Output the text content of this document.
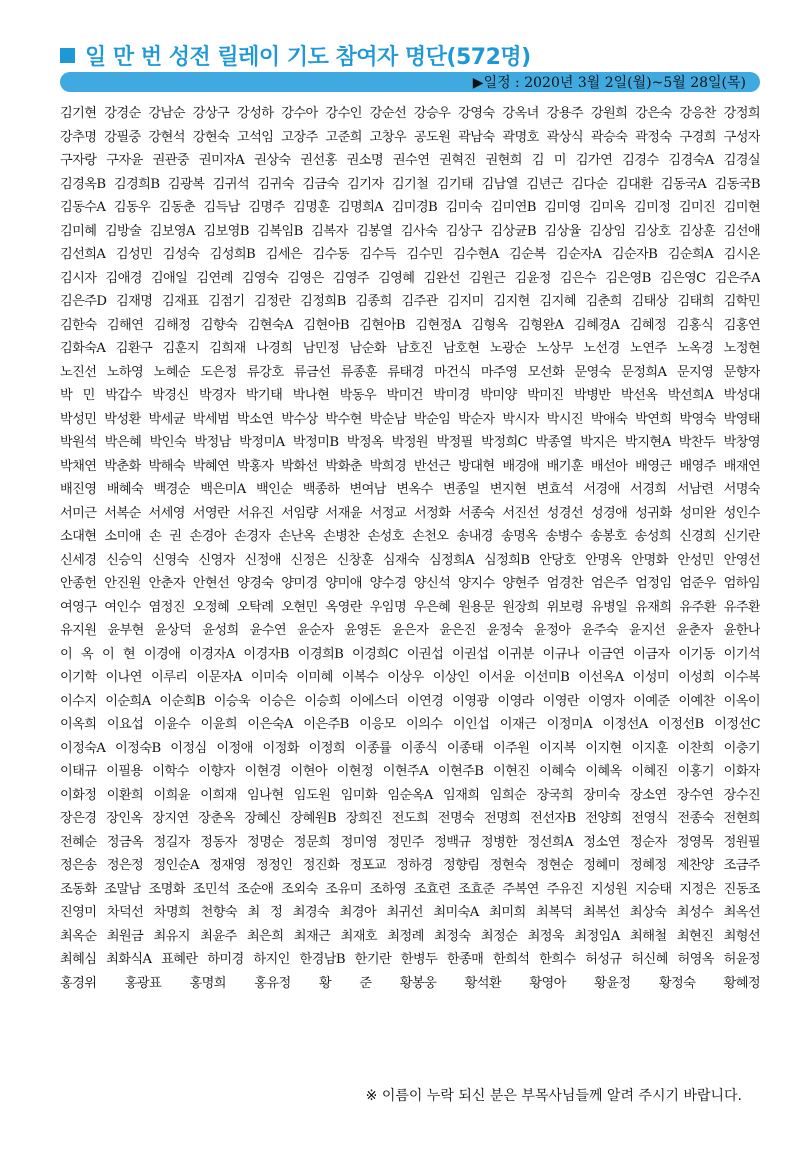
일 만 번 성전 릴레이 기도 참여자 명단(572명)
▶일정 : 2020년 3월 2일(월)~5월 28일(목)
김기현 강경순 강남순 강상구 강성하 강수아 강수인 강순선 강승우 강영숙 강옥녀 강용주 강원희 강은숙 강응찬 강정희
강추명 강필중 강현석 강현숙 고석임 고장주 고준희 고창우 공도원 곽남숙 곽명호 곽상식 곽승숙 곽정숙 구경희 구성자
구자랑 구자윤 권관중 권미자A 권상숙 권선홍 권소명 권수연 권혁진 권현희 김 미 김가연 김경수 김경숙A 김경실
김경옥B 김경희B 김광복 김귀석 김귀숙 김금숙 김기자 김기철 김기태 김남열 김년근 김다순 김대환 김동국A 김동국B
김동수A 김동우 김동춘 김득남 김명주 김명훈 김명희A 김미경B 김미숙 김미연B 김미영 김미옥 김미정 김미진 김미현
김미혜 김방술 김보영A 김보영B 김복임B 김복자 김봉열 김사숙 김상구 김상균B 김상율 김상임 김상호 김상훈 김선애
김선희A 김성민 김성숙 김성희B 김세은 김수동 김수득 김수민 김수현A 김순복 김순자A 김순자B 김순희A 김시온
김시자 김애경 김애일 김연례 김영숙 김영은 김영주 김영혜 김완선 김원근 김윤정 김은수 김은영B 김은영C 김은주A
김은주D 김재명 김재표 김점기 김정란 김정희B 김종희 김주관 김지미 김지현 김지혜 김춘희 김태상 김태희 김학민
김한숙 김해연 김해정 김향숙 김현숙A 김현아B 김현아B 김현정A 김형옥 김형완A 김혜경A 김혜정 김홍식 김홍연
김화숙A 김환구 김훈지 김희재 나경희 남민정 남순화 남호진 남호현 노광순 노상무 노선경 노연주 노옥경 노정현
노진선 노하영 노혜순 도은정 류강호 류금선 류종훈 류태경 마건식 마주영 모선화 문영숙 문정희A 문지영 문향자
박 민 박갑수 박경신 박경자 박기태 박나현 박동우 박미건 박미경 박미양 박미진 박병반 박선옥 박선희A 박성대
박성민 박성환 박세균 박세범 박소연 박수상 박수현 박순남 박순임 박순자 박시자 박시진 박애숙 박연희 박영숙 박영태
박원석 박은혜 박인숙 박정남 박정미A 박정미B 박정옥 박정원 박정필 박정희C 박종열 박지은 박지현A 박찬두 박창영
박채연 박춘화 박해숙 박혜연 박홍자 박화선 박화춘 박희경 반선근 방대현 배경애 배기훈 배선아 배영근 배영주 배재연
배진영 배혜숙 백경순 백은미A 백인순 백종하 변여남 변옥수 변종일 변지현 변효석 서경애 서경희 서남련 서명숙
서미근 서복순 서세영 서영란 서유진 서임량 서재윤 서정교 서정화 서종숙 서진선 성경선 성경애 성귀화 성미완 성인수
소대현 소미애 손 권 손경아 손경자 손난옥 손병찬 손성호 손천오 송내경 송명옥 송병수 송봉호 송성희 신경희 신기란
신세경 신승익 신영숙 신영자 신정애 신정은 신창훈 심재숙 심정희A 심정희B 안당호 안명옥 안명화 안성민 안영선
안종헌 안진원 안춘자 안현선 양경숙 양미경 양미애 양수경 양신석 양지수 양현주 엄경찬 엄은주 엄정임 엄준우 엄하임
여영구 여인수 염정진 오정혜 오탁례 오현민 옥영란 우임명 우은혜 원용문 원장희 위보령 유병일 유재희 유주환 유주환
유지원 윤부현 윤상덕 윤성희 윤수연 윤순자 윤영돈 윤은자 윤은진 윤정숙 윤정아 윤주숙 윤지선 윤춘자 윤한나
이 옥 이 현 이경애 이경자A 이경자B 이경희B 이경희C 이권섭 이권섭 이귀분 이규나 이금연 이금자 이기동 이기석
이기학 이나연 이루리 이문자A 이미숙 이미혜 이복수 이상우 이상인 이서윤 이선미B 이선옥A 이성미 이성희 이수복
이수지 이순희A 이순희B 이승욱 이승은 이승희 이에스더 이연경 이영광 이영라 이영란 이영자 이예준 이예찬 이옥이
이옥희 이요섭 이윤수 이윤희 이은숙A 이은주B 이응모 이의수 이인섭 이재근 이정미A 이정선A 이정선B 이정선C
이정숙A 이정숙B 이정심 이정애 이정화 이정희 이종률 이종식 이종태 이주원 이지복 이지현 이지훈 이찬희 이충기
이태규 이필용 이학수 이향자 이현경 이현아 이현정 이현주A 이현주B 이현진 이혜숙 이혜옥 이혜진 이홍기 이화자
이화정 이환희 이희윤 이희재 임나현 임도원 임미화 임순옥A 임재희 임희순 장국희 장미숙 장소연 장수연 장수진
장은경 장인옥 장지연 장춘옥 장혜신 장혜원B 장희진 전도희 전명숙 전명희 전선자B 전양희 전영식 전종숙 전현희
전혜순 정금옥 정길자 정동자 정명순 정문희 정미영 정민주 정백규 정병한 정선희A 정소연 정순자 정영목 정원필
정은송 정은정 정인순A 정재영 정정인 정진화 정포교 정하경 정향림 정현숙 정현순 정혜미 정혜정 제찬양 조금주
조동화 조말남 조명화 조민석 조순애 조외숙 조유미 조하영 조효련 조효준 주복연 주유진 지성원 지승태 지정은 진동조
진영미 차덕선 차명희 천향숙 최 정 최경숙 최경아 최귀선 최미숙A 최미희 최복덕 최복선 최상숙 최성수 최옥선
최옥순 최원금 최유지 최윤주 최은희 최재근 최재호 최정례 최정숙 최정순 최정욱 최정임A 최해철 최현진 최형선
최혜심 최화식A 표혜란 하미경 하지인 한경남B 한기란 한병두 한종매 한희석 한희수 허성규 허신혜 허영옥 허윤정
홍경위 홍광표 홍명희 홍유정 황 준 황봉웅 황석환 황영아 황윤정 황정숙 황혜정
※ 이름이 누락 되신 분은 부목사님들께 알려 주시기 바랍니다.
